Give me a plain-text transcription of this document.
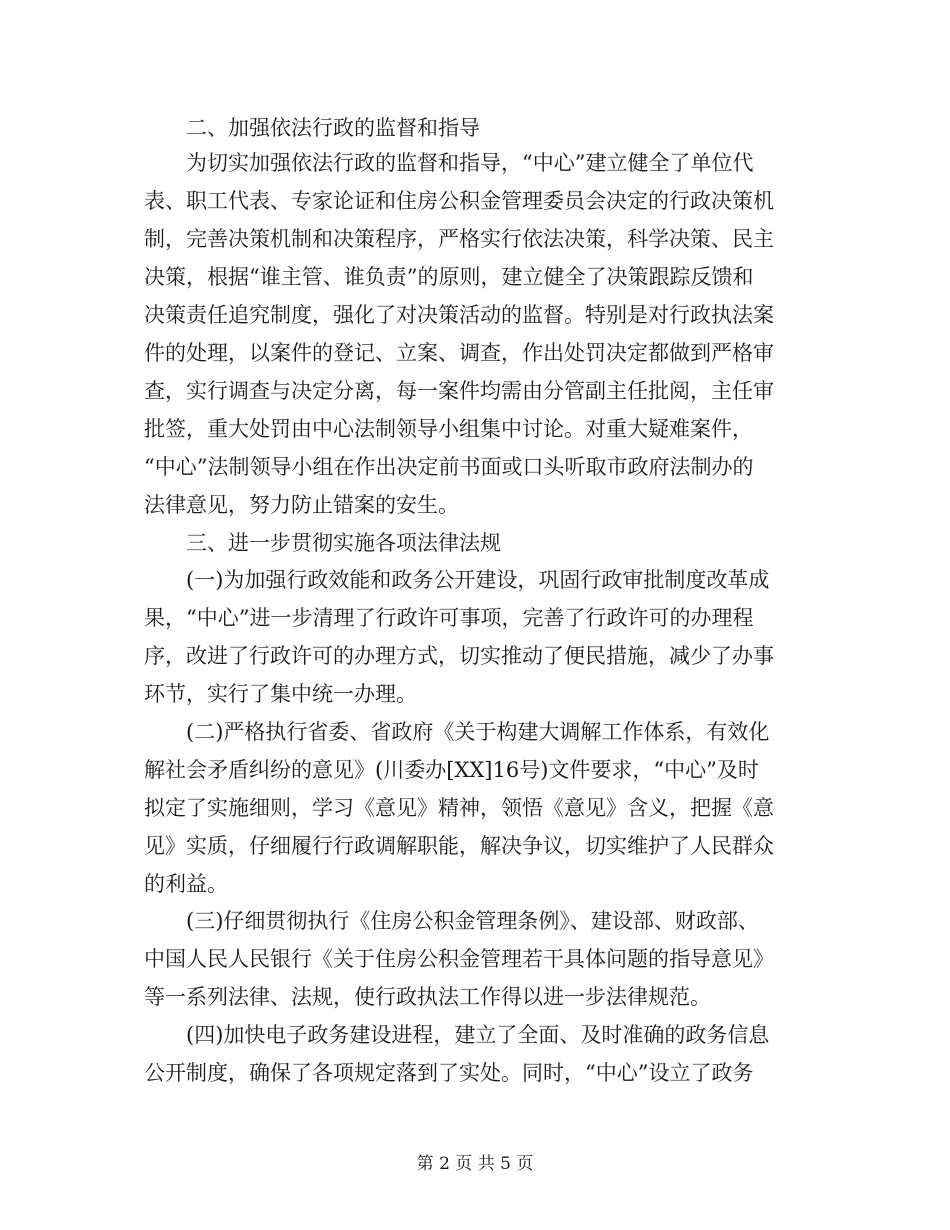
二、加强依法行政的监督和指导
为切实加强依法行政的监督和指导，“中心”建立健全了单位代
表、职工代表、专家论证和住房公积金管理委员会决定的行政决策机
制，完善决策机制和决策程序，严格实行依法决策，科学决策、民主
决策，根据“谁主管、谁负责”的原则，建立健全了决策跟踪反馈和
决策责任追究制度，强化了对决策活动的监督。特别是对行政执法案
件的处理，以案件的登记、立案、调查，作出处罚决定都做到严格审
查，实行调查与决定分离，每一案件均需由分管副主任批阅，主任审
批签，重大处罚由中心法制领导小组集中讨论。对重大疑难案件，
“中心”法制领导小组在作出决定前书面或口头听取市政府法制办的
法律意见，努力防止错案的安生。
三、进一步贯彻实施各项法律法规
(一)为加强行政效能和政务公开建设，巩固行政审批制度改革成
果，“中心”进一步清理了行政许可事项，完善了行政许可的办理程
序，改进了行政许可的办理方式，切实推动了便民措施，减少了办事
环节，实行了集中统一办理。
(二)严格执行省委、省政府《关于构建大调解工作体系，有效化
解社会矛盾纠纷的意见》(川委办[XX]16号)文件要求，“中心”及时
拟定了实施细则，学习《意见》精神，领悟《意见》含义，把握《意
见》实质，仔细履行行政调解职能，解决争议，切实维护了人民群众
的利益。
(三)仔细贯彻执行《住房公积金管理条例》、建设部、财政部、
中国人民人民银行《关于住房公积金管理若干具体问题的指导意见》
等一系列法律、法规，使行政执法工作得以进一步法律规范。
(四)加快电子政务建设进程，建立了全面、及时准确的政务信息
公开制度，确保了各项规定落到了实处。同时，“中心”设立了政务
第 2 页 共 5 页
